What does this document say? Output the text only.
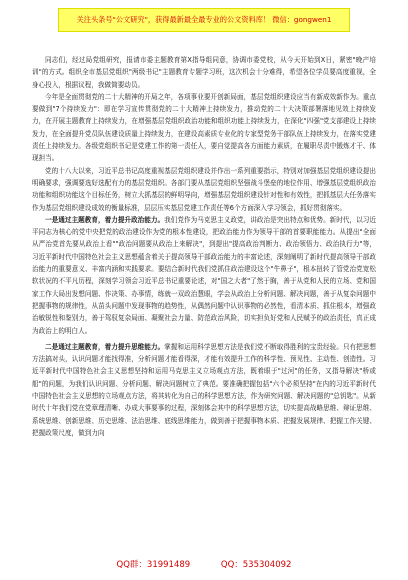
关注头条号"公文研究"，获得最新最全最专业的公文资料库！ 微信：gongwen1

同志们，经过局党组研究，报请市委主题教育第X指导组同意，协调市委党校，从今天开始到X日，紧密"晚产培训"的方式。组织全市基层党组织"两级书记"主题教育专题学习班，这次机会十分难得，希望各位学员要高度重视，全身心投入，根据议程，我做简要动员。

今年是全面贯彻党的二十大精神的开局之年，各项事业要开创新局面，基层党组织建设应当有新成效新作为。重点要做到"7个持续发力"：即在学习宣传贯彻党的二十大精神上持续发力，推动党的二十大决策部署落地见效上持续发力，在开展主题教育上持续发力，在增强基层党组织政治功能和组织功能上持续发力，在深化"四强"党支部建设上持续发力，在全面提升党员队伍建设质量上持续发力，在建设高素质专业化的专家型党务干部队伍上持续发力，在落实党建责任上持续发力。各级党组织书记是党建工作的第一责任人，要自觉提高各方面能力素质，在履职尽责中锻炼才干、体现担当。

党的十八大以来，习近平总书记高度重视基层党组织建设并作出一系列重要指示，特别对加强基层党组织建设提出明确要求，强调要选好选配有力的基层党组织。各部门要从基层党组织坚强战斗堡垒的地位作用、增强基层党组织政治功能和组织功能这个目标任务，树立大抓基层的鲜明导向，增强基层党组织建设针对性和有效性，把抓基层大任务落实作为基层党组织建设成效的衡量标准，层层压实基层党建工作责任等6个方面深入学习领会，抓好贯彻落实。

一是通过主题教育，着力提升政治能力。我们党作为马克思主义政党，讲政治是突出特点和优势。新时代，以习近平同志为核心的党中央把党的政治建设作为党的根本性建设，把政治能力作为领导干部的首要职能能力。从提出"全面从严治党首先要从政治上看""政治问题要从政治上来解决"，到提出"提高政治判断力、政治领悟力、政治执行力"等，习近平新时代中国特色社会主义思想蕴含着关于提高领导干部政治能力的丰富论述，深刻阐明了新时代提高领导干部政治能力的重要意义、丰富内涵和实践要求。要结合新时代我们党抓住政治建设这个"牛鼻子"，根本扭转了管党治党宽松软状况的不平凡历程，深刻学习领会习近平总书记重要论述，对"国之大者"了然于胸，善于从党和人民的立场、党和国家工作大局出发想问题、作决策、办事情，练就一双政治慧眼，学会从政治上分析问题、解决问题，善于从复杂问题中把握事物的规律性，从苗头问题中发现事物的趋势性，从偶然问题中认识事物的必然性，看清本质、抓住根本，增强政治敏锐性和鉴别力，善于驾驭复杂局面、凝聚社会力量、防范政治风险，切实担负好党和人民赋予的政治责任，真正成为政治上的明白人。

二是通过主题教育，着力提升思维能力。掌握和运用科学思想方法是我们党不断取得胜利的宝贵经验。只有把思想方法搞对头，认识问题才能找得准，分析问题才能看得深，才能有效提升工作的科学性、预见性、主动性、创造性。习近平新时代中国特色社会主义思想坚持和运用马克思主义立场观点方法，既着眼于"过河"的任务，又指导解决"桥或船"的问题，为我们认识问题、分析问题、解决问题树立了典范。要准确把握包括"六个必须坚持"在内的习近平新时代中国特色社会主义思想的立场观点方法，将其转化为自己的科学思想方法，作为研究问题、解决问题的"总钥匙"。从新时代十年我们党在党章理清晰、办成大事要事的过程，深刻体会其中的科学思想方法，切实提高战略思维、辩证思维、系统思维、创新思维、历史思维、法治思维、底线思维能力，做到善于把握事物本质、把握发展规律、把握工作关键、把握政策尺度，做到力向

QQ群：31991489	QQ：535304092
